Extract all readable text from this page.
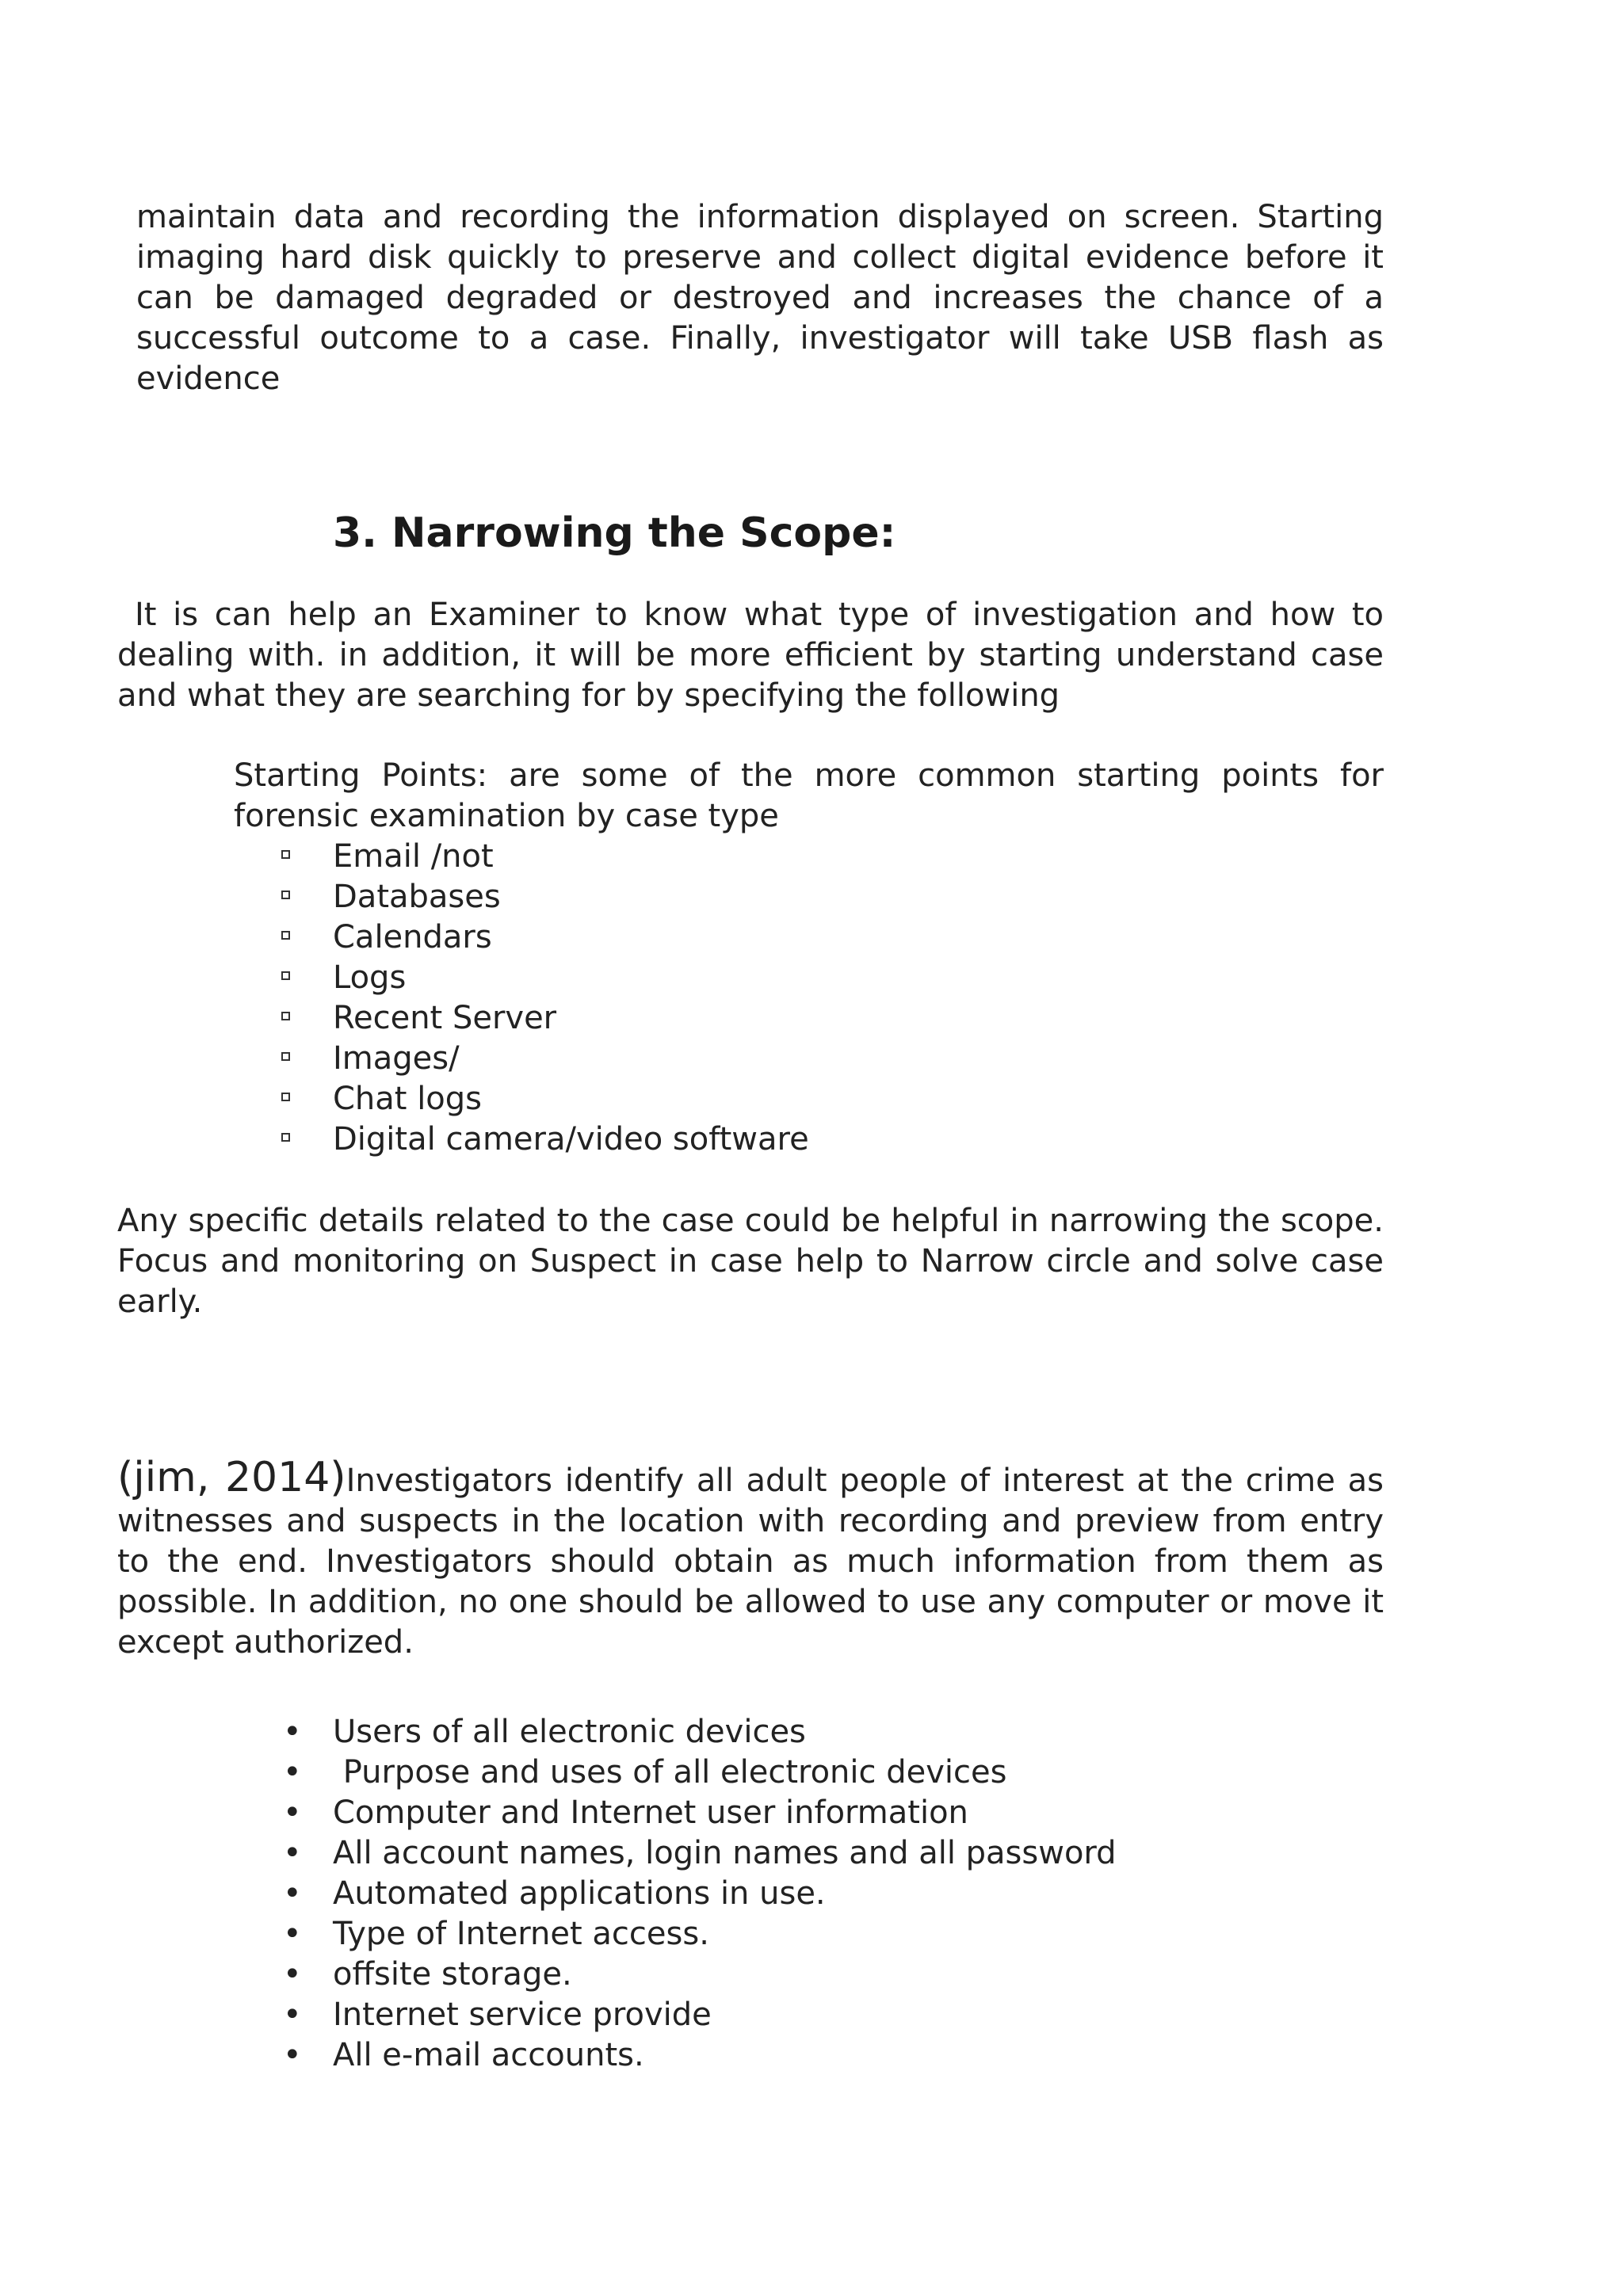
maintain data and recording the information displayed on screen. Starting imaging hard disk quickly to preserve and collect digital evidence before it can be damaged degraded or destroyed and increases the chance of a successful outcome to a case. Finally, investigator will take USB flash as evidence

3. Narrowing the Scope:

It is can help an Examiner to know what type of investigation and how to dealing with. in addition, it will be more efficient by starting understand case and what they are searching for by specifying the following

Starting Points: are some of the more common starting points for forensic examination by case type

Email /not
Databases
Calendars
Logs
Recent Server
Images/
Chat logs
Digital camera/video software

Any specific details related to the case could be helpful in narrowing the scope. Focus and monitoring on Suspect in case help to Narrow circle and solve case early.

(jim, 2014)Investigators identify all adult people of interest at the crime as witnesses and suspects in the location with recording and preview from entry to the end. Investigators should obtain as much information from them as possible. In addition, no one should be allowed to use any computer or move it except authorized.

• Users of all electronic devices
• Purpose and uses of all electronic devices
• Computer and Internet user information
• All account names, login names and all password
• Automated applications in use.
• Type of Internet access.
• offsite storage.
• Internet service provide
• All e-mail accounts.
